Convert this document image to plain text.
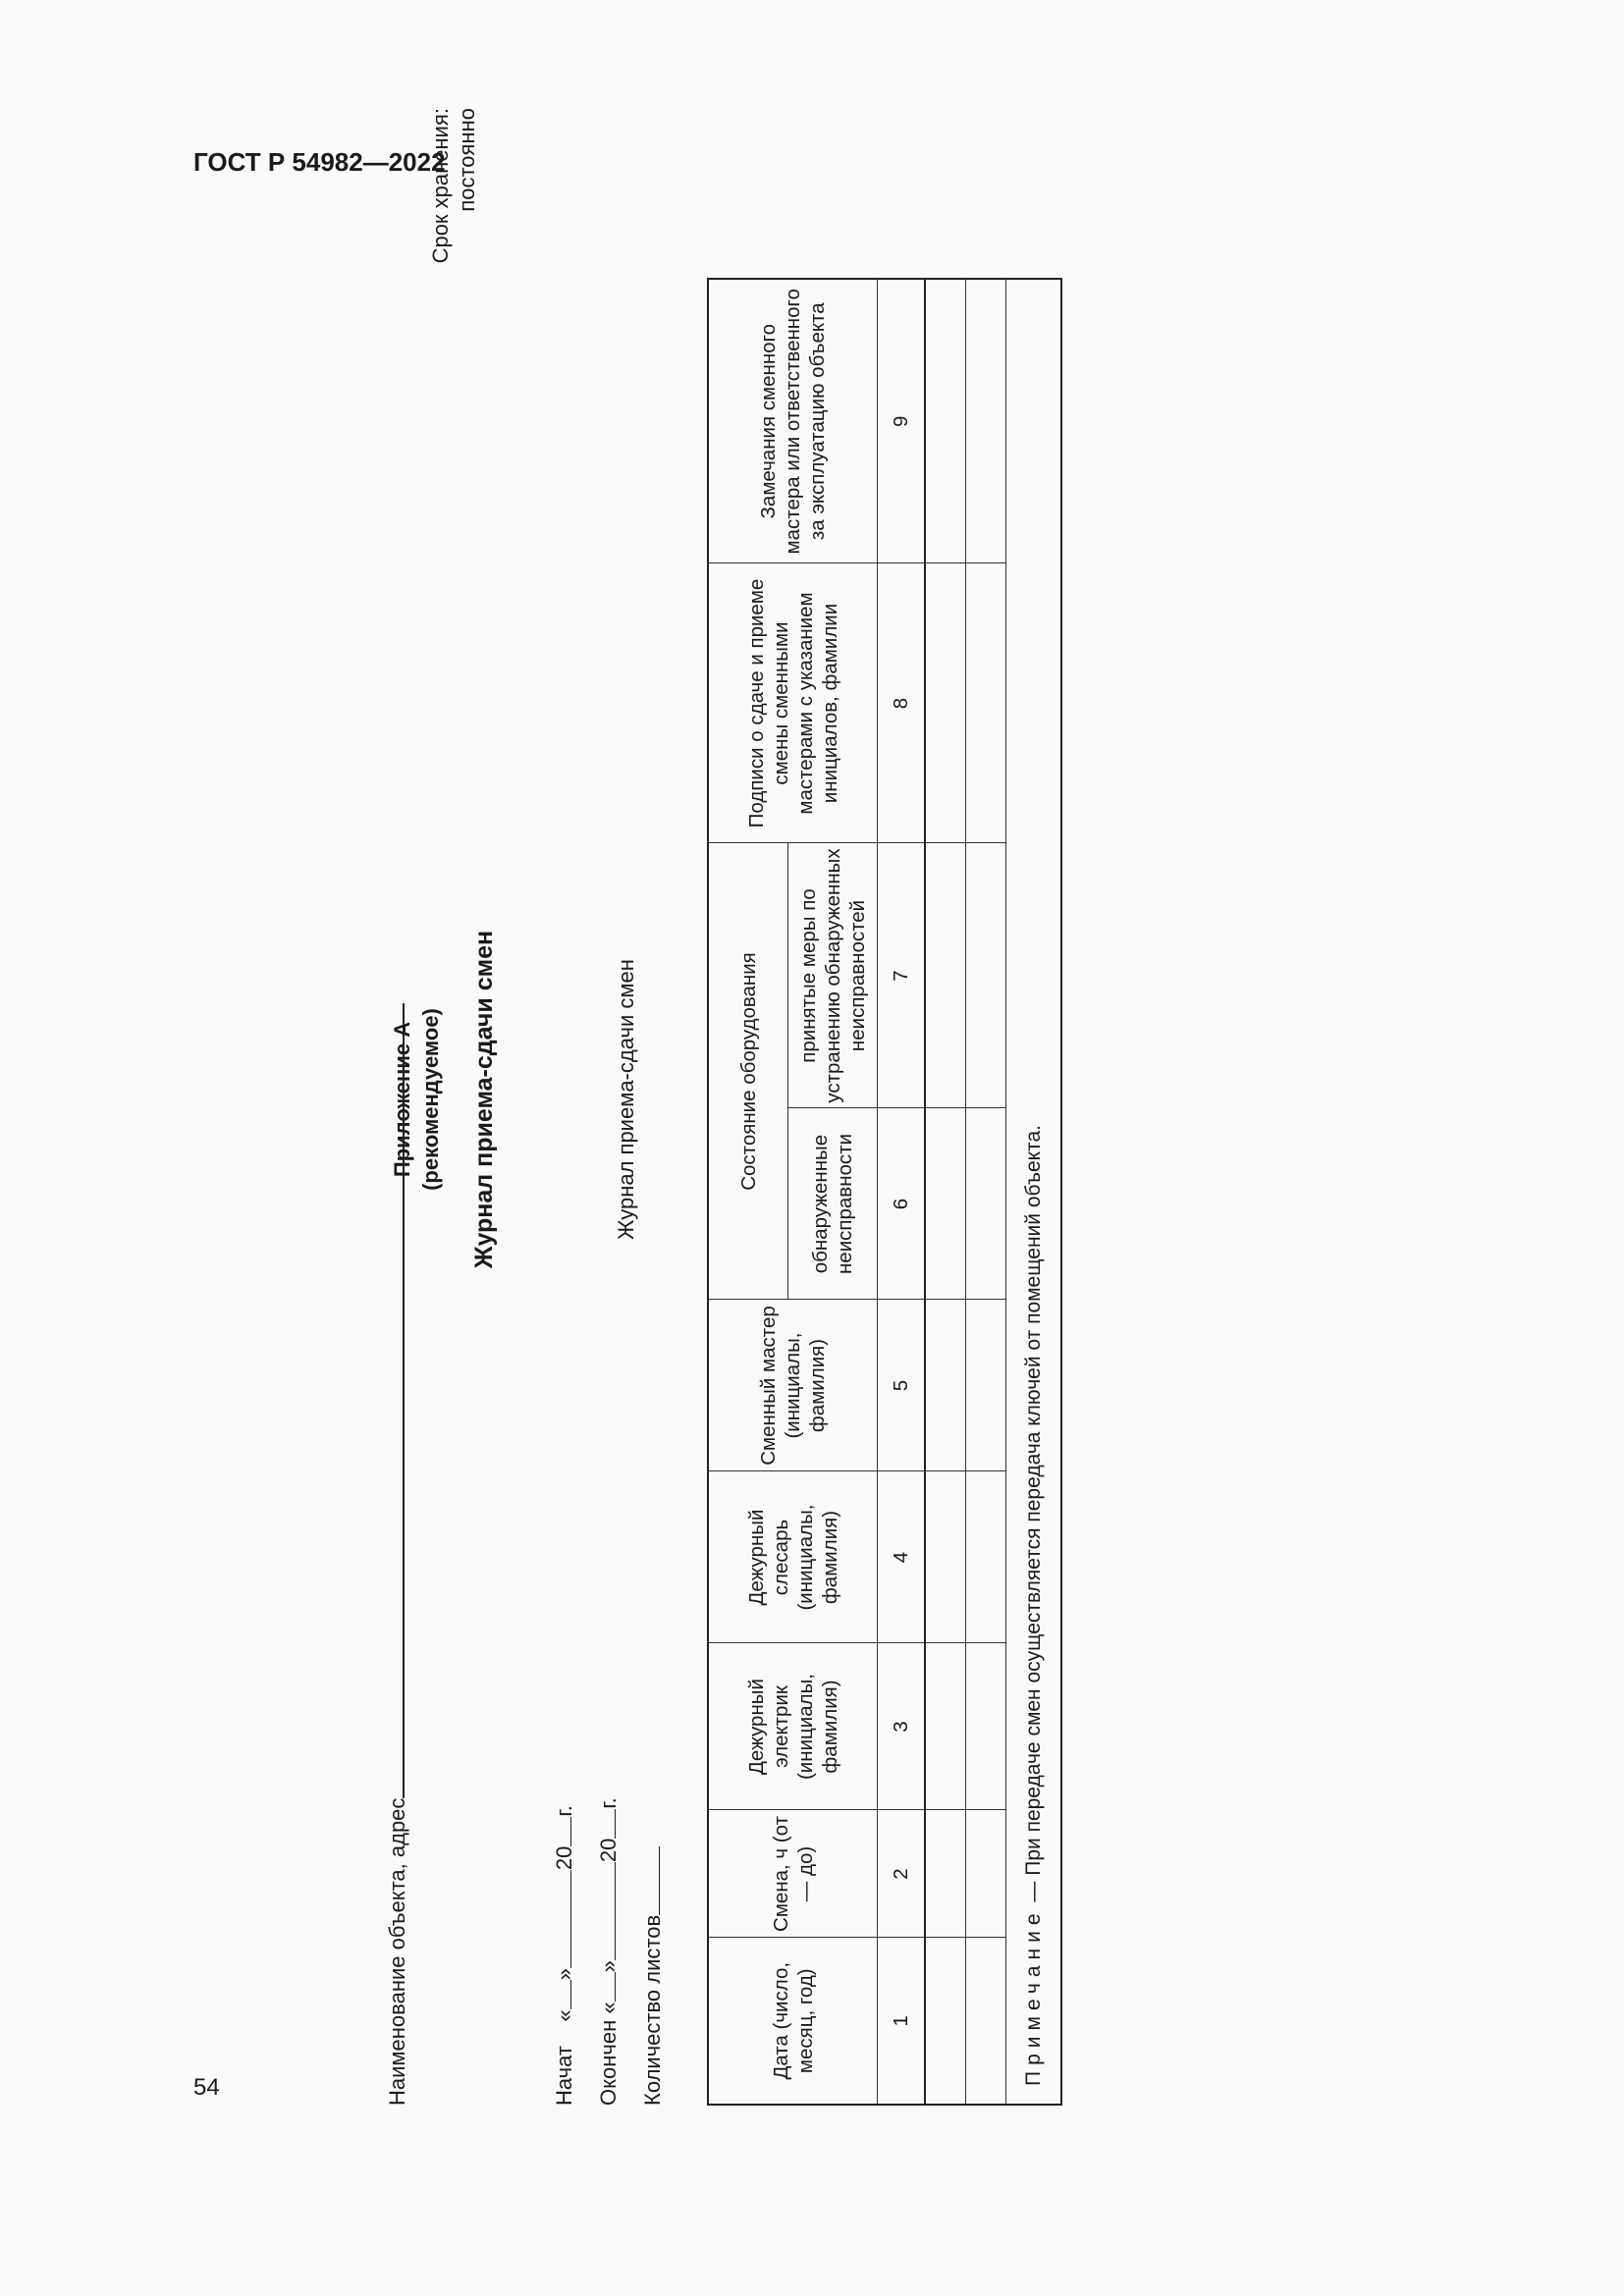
ГОСТ Р 54982—2022
54
Срок хранения: постоянно
Приложение А (рекомендуемое) Журнал приема-сдачи смен	Журнал приема-сдачи смен
Наименование объекта, адрес	Начат    «»20г.
Окончен «»20г.
Количество листов	Дата (число, месяц, год)	Смена, ч (от — до)	Дежурный электрик (инициалы, фамилия)	Дежурный слесарь (инициалы, фамилия)	Сменный мастер (инициалы, фамилия)	Состояние оборудования		Подписи о сдаче и приеме смены сменными мастерами с указанием инициалов, фамилии	Замечания сменного мастера или ответственного за эксплуатацию объекта
					обнаруженные неисправности	принятые меры по устранению обнаруженных неисправностей		
1	2	3	4	5	6	7	8	9

Примечание — При передаче смен осуществляется передача ключей от помещений объекта.								
